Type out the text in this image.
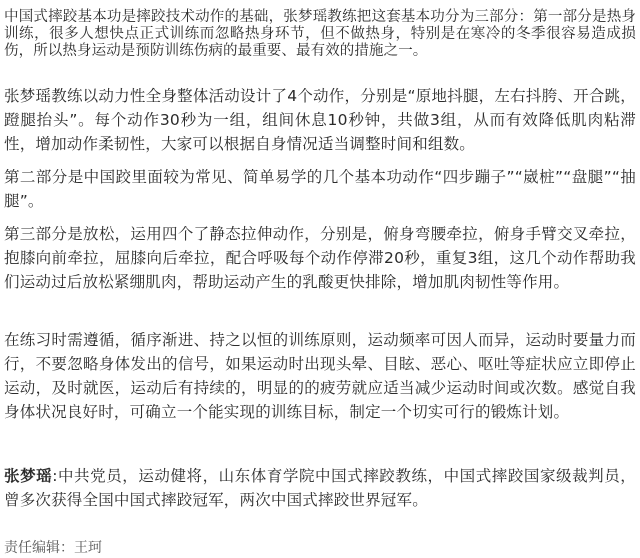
中国式摔跤基本功是摔跤技术动作的基础，张梦瑶教练把这套基本功分为三部分：第一部分是热身训练，很多人想快点正式训练而忽略热身环节，但不做热身，特别是在寒冷的冬季很容易造成损伤，所以热身运动是预防训练伤病的最重要、最有效的措施之一。

张梦瑶教练以动力性全身整体活动设计了4个动作，分别是“原地抖腿，左右抖胯、开合跳，蹬腿抬头”。每个动作30秒为一组，组间休息10秒钟，共做3组，从而有效降低肌肉粘滞性，增加动作柔韧性，大家可以根据自身情况适当调整时间和组数。

第二部分是中国跤里面较为常见、简单易学的几个基本功动作“四步蹦子”“崴桩”“盘腿”“抽腿”。

第三部分是放松，运用四个了静态拉伸动作，分别是，俯身弯腰牵拉，俯身手臂交叉牵拉，抱膝向前牵拉，屈膝向后牵拉，配合呼吸每个动作停滞20秒，重复3组，这几个动作帮助我们运动过后放松紧绷肌肉，帮助运动产生的乳酸更快排除，增加肌肉韧性等作用。

在练习时需遵循，循序渐进、持之以恒的训练原则，运动频率可因人而异，运动时要量力而行，不要忽略身体发出的信号，如果运动时出现头晕、目眩、恶心、呕吐等症状应立即停止运动，及时就医，运动后有持续的，明显的的疲劳就应适当减少运动时间或次数。感觉自我身体状况良好时，可确立一个能实现的训练目标，制定一个切实可行的锻炼计划。

张梦瑶:中共党员，运动健将，山东体育学院中国式摔跤教练，中国式摔跤国家级裁判员，曾多次获得全国中国式摔跤冠军，两次中国式摔跤世界冠军。

责任编辑：王珂
